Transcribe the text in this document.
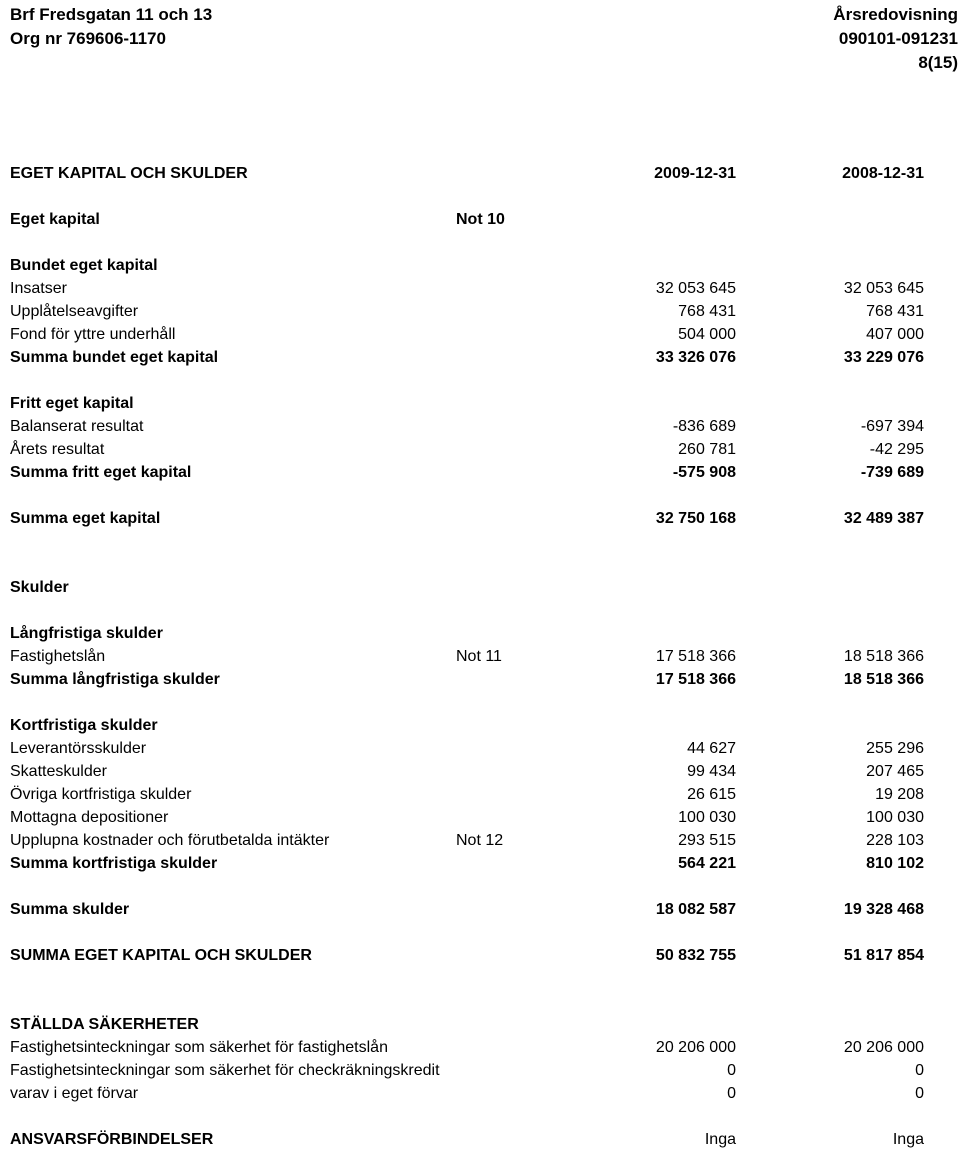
Brf Fredsgatan 11 och 13	Årsredovisning
Org nr 769606-1170	090101-091231
8(15)
EGET KAPITAL OCH SKULDER	2009-12-31	2008-12-31
Eget kapital	Not 10
Bundet eget kapital
Insatser	32 053 645	32 053 645
Upplåtelseavgifter	768 431	768 431
Fond för yttre underhåll	504 000	407 000
Summa bundet eget kapital	33 326 076	33 229 076
Fritt eget kapital
Balanserat resultat	-836 689	-697 394
Årets resultat	260 781	-42 295
Summa fritt eget kapital	-575 908	-739 689
Summa eget kapital	32 750 168	32 489 387
Skulder
Långfristiga skulder
Fastighetslån	Not 11	17 518 366	18 518 366
Summa långfristiga skulder	17 518 366	18 518 366
Kortfristiga skulder
Leverantörsskulder	44 627	255 296
Skatteskulder	99 434	207 465
Övriga kortfristiga skulder	26 615	19 208
Mottagna depositioner	100 030	100 030
Upplupna kostnader och förutbetalda intäkter	Not 12	293 515	228 103
Summa kortfristiga skulder	564 221	810 102
Summa skulder	18 082 587	19 328 468
SUMMA EGET KAPITAL OCH SKULDER	50 832 755	51 817 854
STÄLLDA SÄKERHETER
Fastighetsinteckningar som säkerhet för fastighetslån	20 206 000	20 206 000
Fastighetsinteckningar som säkerhet för checkräkningskredit	0	0
varav i eget förvar	0	0
ANSVARSFÖRBINDELSER	Inga	Inga
